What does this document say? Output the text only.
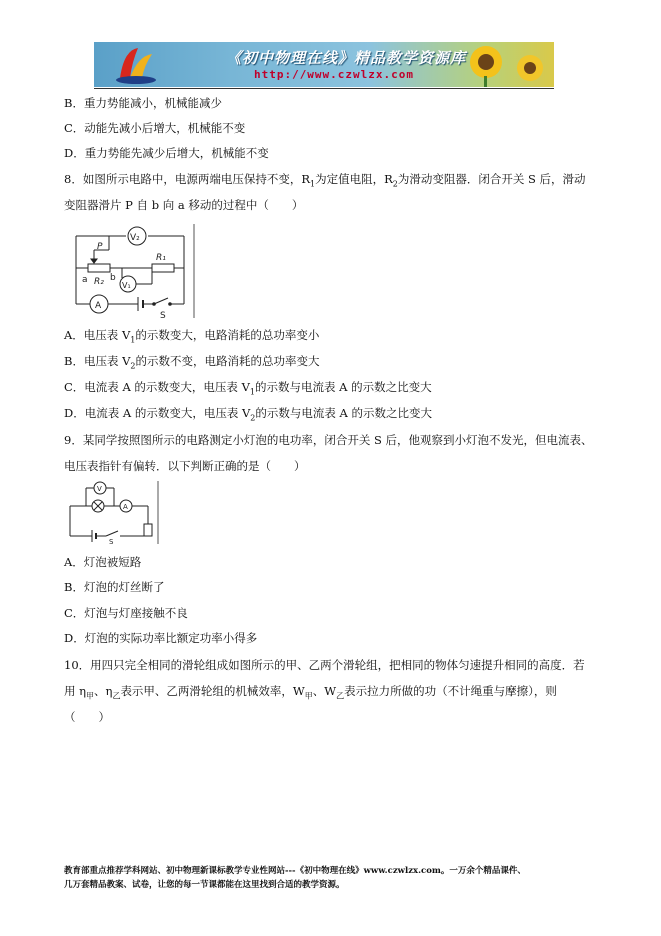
《初中物理在线》精品教学资源库
http://www.czwlzx.com
B．重力势能减小，机械能减少
C．动能先减小后增大，机械能不变
D．重力势能先减少后增大，机械能不变
8．如图所示电路中，电源两端电压保持不变，$R_1$为定值电阻，$R_2$为滑动变阻器．闭合开关 S 后，滑动
变阻器滑片 P 自 b 向 a 移动的过程中（　　）
V₂
P
a b
R₂
R₁
V₁
A
S
A．电压表 $V_1$的示数变大，电路消耗的总功率变小
B．电压表 $V_2$的示数不变，电路消耗的总功率变大
C．电流表 A 的示数变大，电压表 $V_1$的示数与电流表 A 的示数之比变大
D．电流表 A 的示数变大，电压表 $V_2$的示数与电流表 A 的示数之比变大
9．某同学按照图所示的电路测定小灯泡的电功率，闭合开关 S 后，他观察到小灯泡不发光，但电流表、
电压表指针有偏转．以下判断正确的是（　　）
V
A
S
A．灯泡被短路
B．灯泡的灯丝断了
C．灯泡与灯座接触不良
D．灯泡的实际功率比额定功率小得多
10．用四只完全相同的滑轮组成如图所示的甲、乙两个滑轮组，把相同的物体匀速提升相同的高度．若
用 $\eta_甲$、$\eta_乙$表示甲、乙两滑轮组的机械效率，$W_甲$、$W_乙$表示拉力所做的功（不计绳重与摩擦），则
（　　）
教育部重点推荐学科网站、初中物理新课标教学专业性网站---《初中物理在线》www.czwlzx.com。一万余个精品课件、
几万套精品教案、试卷，让您的每一节课都能在这里找到合适的教学资源。
